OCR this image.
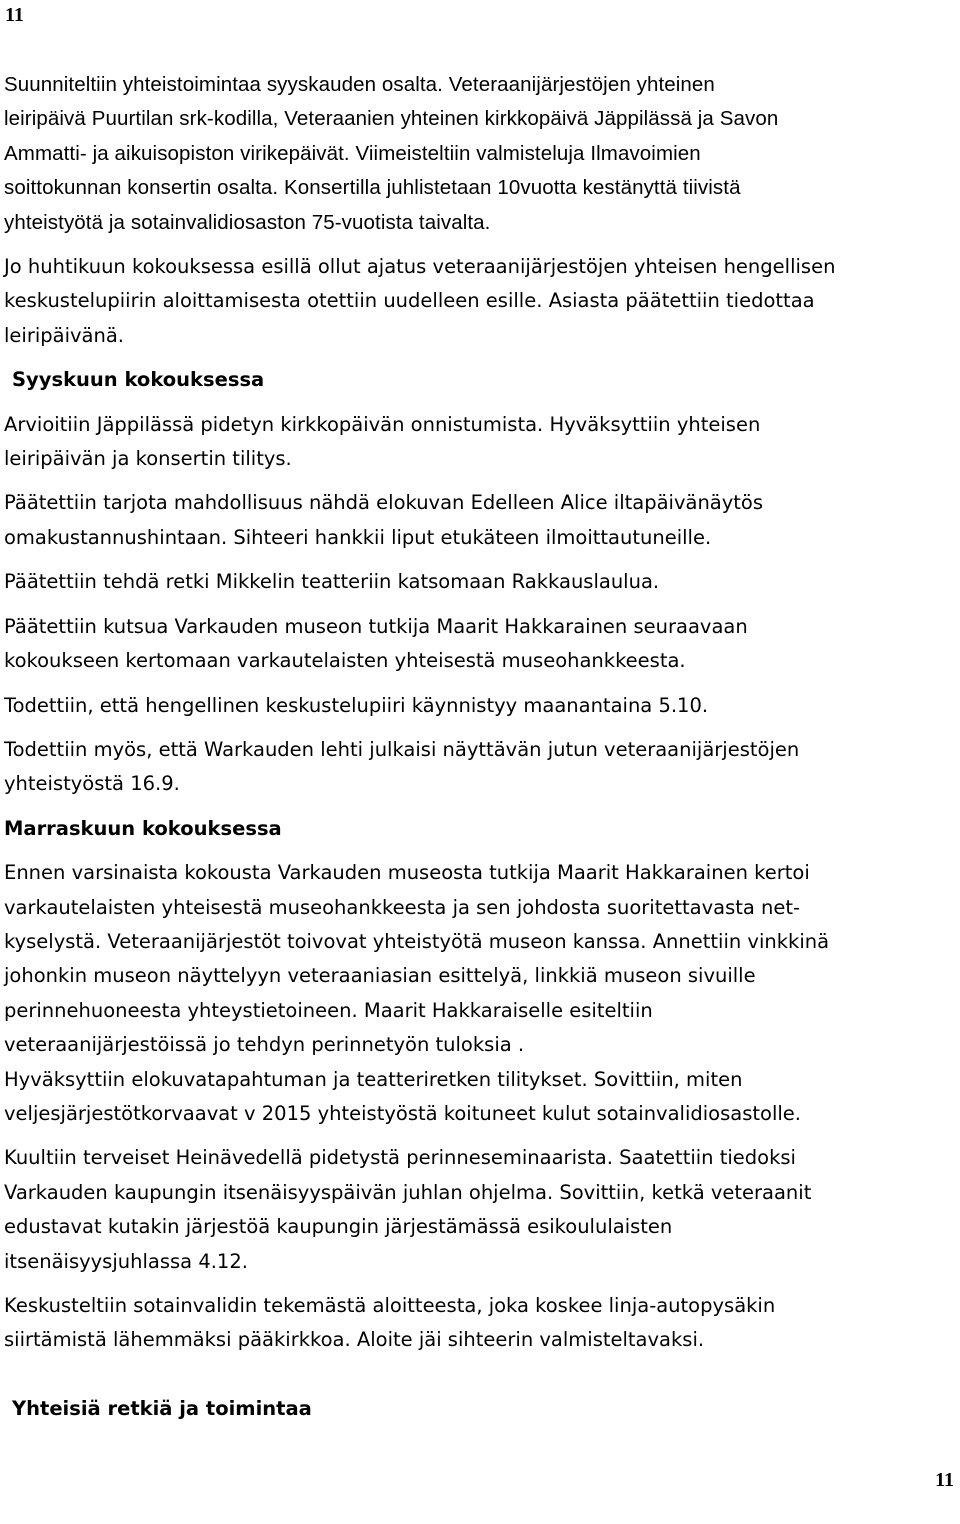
11
Suunniteltiin yhteistoimintaa syyskauden osalta. Veteraanijärjestöjen yhteinen
leiripäivä Puurtilan srk-kodilla, Veteraanien yhteinen kirkkopäivä Jäppilässä ja Savon
Ammatti- ja aikuisopiston virikepäivät. Viimeisteltiin valmisteluja Ilmavoimien
soittokunnan konsertin osalta. Konsertilla juhlistetaan 10vuotta kestänyttä tiivistä
yhteistyötä ja sotainvalidiosaston 75-vuotista taivalta.
Jo huhtikuun kokouksessa esillä ollut ajatus veteraanijärjestöjen yhteisen hengellisen
keskustelupiirin aloittamisesta otettiin uudelleen esille. Asiasta päätettiin tiedottaa
leiripäivänä.
Syyskuun kokouksessa
Arvioitiin Jäppilässä pidetyn kirkkopäivän onnistumista. Hyväksyttiin yhteisen
leiripäivän ja konsertin tilitys.
Päätettiin tarjota mahdollisuus nähdä elokuvan Edelleen Alice iltapäivänäytös
omakustannushintaan. Sihteeri hankkii liput etukäteen ilmoittautuneille.
Päätettiin tehdä retki Mikkelin teatteriin katsomaan Rakkauslaulua.
Päätettiin kutsua Varkauden museon tutkija Maarit Hakkarainen seuraavaan
kokoukseen kertomaan varkautelaisten yhteisestä museohankkeesta.
Todettiin, että hengellinen keskustelupiiri käynnistyy maanantaina 5.10.
Todettiin myös, että Warkauden lehti julkaisi näyttävän jutun veteraanijärjestöjen
yhteistyöstä 16.9.
Marraskuun kokouksessa
Ennen varsinaista kokousta Varkauden museosta tutkija Maarit Hakkarainen kertoi
varkautelaisten yhteisestä museohankkeesta ja sen johdosta suoritettavasta net-
kyselystä. Veteraanijärjestöt toivovat yhteistyötä museon kanssa. Annettiin vinkkinä
johonkin museon näyttelyyn veteraaniasian esittelyä, linkkiä museon sivuille
perinnehuoneesta yhteystietoineen. Maarit Hakkaraiselle esiteltiin
veteraanijärjestöissä jo tehdyn perinnetyön tuloksia .
Hyväksyttiin elokuvatapahtuman ja teatteriretken tilitykset. Sovittiin, miten
veljesjärjestötkorvaavat v 2015 yhteistyöstä koituneet kulut sotainvalidiosastolle.
Kuultiin terveiset Heinävedellä pidetystä perinneseminaarista. Saatettiin tiedoksi
Varkauden kaupungin itsenäisyyspäivän juhlan ohjelma. Sovittiin, ketkä veteraanit
edustavat kutakin järjestöä kaupungin järjestämässä esikoululaisten
itsenäisyysjuhlassa 4.12.
Keskusteltiin sotainvalidin tekemästä aloitteesta, joka koskee linja-autopysäkin
siirtämistä lähemmäksi pääkirkkoa. Aloite jäi sihteerin valmisteltavaksi.
Yhteisiä retkiä ja toimintaa
11
